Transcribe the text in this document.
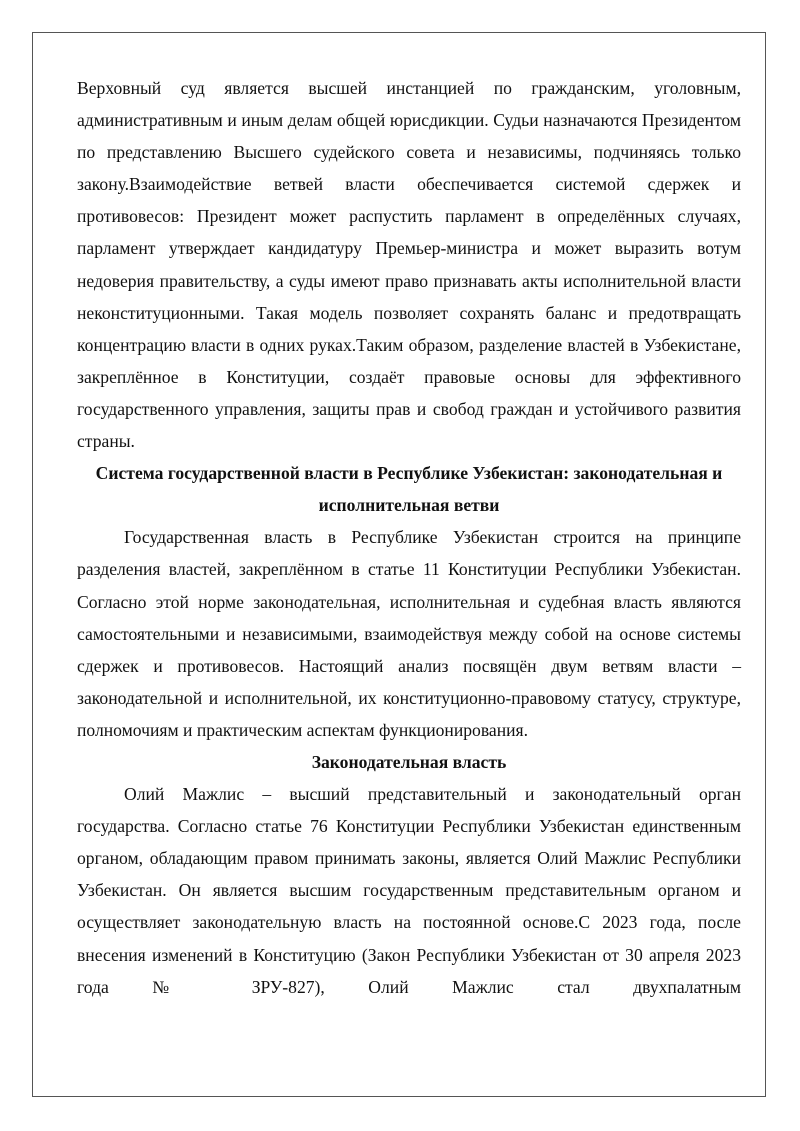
Верховный суд является высшей инстанцией по гражданским, уголовным, административным и иным делам общей юрисдикции. Судьи назначаются Президентом по представлению Высшего судейского совета и независимы, подчиняясь только закону.Взаимодействие ветвей власти обеспечивается системой сдержек и противовесов: Президент может распустить парламент в определённых случаях, парламент утверждает кандидатуру Премьер-министра и может выразить вотум недоверия правительству, а суды имеют право признавать акты исполнительной власти неконституционными. Такая модель позволяет сохранять баланс и предотвращать концентрацию власти в одних руках.Таким образом, разделение властей в Узбекистане, закреплённое в Конституции, создаёт правовые основы для эффективного государственного управления, защиты прав и свобод граждан и устойчивого развития страны.

Система государственной власти в Республике Узбекистан: законодательная и исполнительная ветви

Государственная власть в Республике Узбекистан строится на принципе разделения властей, закреплённом в статье 11 Конституции Республики Узбекистан. Согласно этой норме законодательная, исполнительная и судебная власть являются самостоятельными и независимыми, взаимодействуя между собой на основе системы сдержек и противовесов. Настоящий анализ посвящён двум ветвям власти – законодательной и исполнительной, их конституционно-правовому статусу, структуре, полномочиям и практическим аспектам функционирования.

Законодательная власть

Олий Мажлис – высший представительный и законодательный орган государства. Согласно статье 76 Конституции Республики Узбекистан единственным органом, обладающим правом принимать законы, является Олий Мажлис Республики Узбекистан. Он является высшим государственным представительным органом и осуществляет законодательную власть на постоянной основе.С 2023 года, после внесения изменений в Конституцию (Закон Республики Узбекистан от 30 апреля 2023 года № ЗРУ-827), Олий Мажлис стал двухпалатным
